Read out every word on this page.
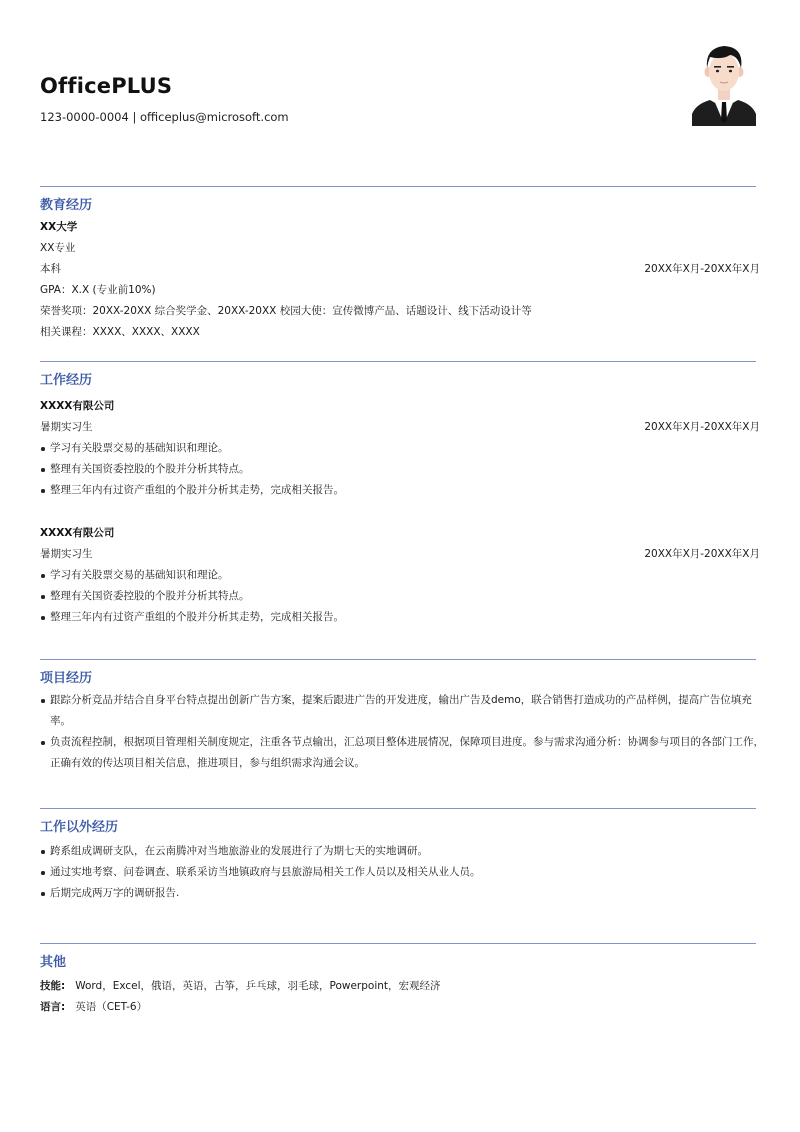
OfficePLUS
123-0000-0004 | officeplus@microsoft.com
教育经历
XX大学
XX专业
本科	20XX年X月-20XX年X月
GPA：X.X (专业前10%)
荣誉奖项：20XX-20XX 综合奖学金、20XX-20XX 校园大使：宣传微博产品、话题设计、线下活动设计等
相关课程：XXXX、XXXX、XXXX
工作经历
XXXX有限公司
暑期实习生	20XX年X月-20XX年X月
学习有关股票交易的基础知识和理论。
整理有关国资委控股的个股并分析其特点。
整理三年内有过资产重组的个股并分析其走势，完成相关报告。
XXXX有限公司
暑期实习生	20XX年X月-20XX年X月
学习有关股票交易的基础知识和理论。
整理有关国资委控股的个股并分析其特点。
整理三年内有过资产重组的个股并分析其走势，完成相关报告。
项目经历
跟踪分析竞品并结合自身平台特点提出创新广告方案，提案后跟进广告的开发进度，输出广告及demo，联合销售打造成功的产品样例，提高广告位填充率。
负责流程控制，根据项目管理相关制度规定，注重各节点输出，汇总项目整体进展情况，保障项目进度。参与需求沟通分析：协调参与项目的各部门工作，正确有效的传达项目相关信息，推进项目，参与组织需求沟通会议。
工作以外经历
跨系组成调研支队，在云南腾冲对当地旅游业的发展进行了为期七天的实地调研。
通过实地考察、问卷调查、联系采访当地镇政府与县旅游局相关工作人员以及相关从业人员。
后期完成两万字的调研报告.
其他
技能: Word，Excel，俄语，英语，古筝，乒乓球，羽毛球，Powerpoint，宏观经济
语言: 英语（CET-6）
